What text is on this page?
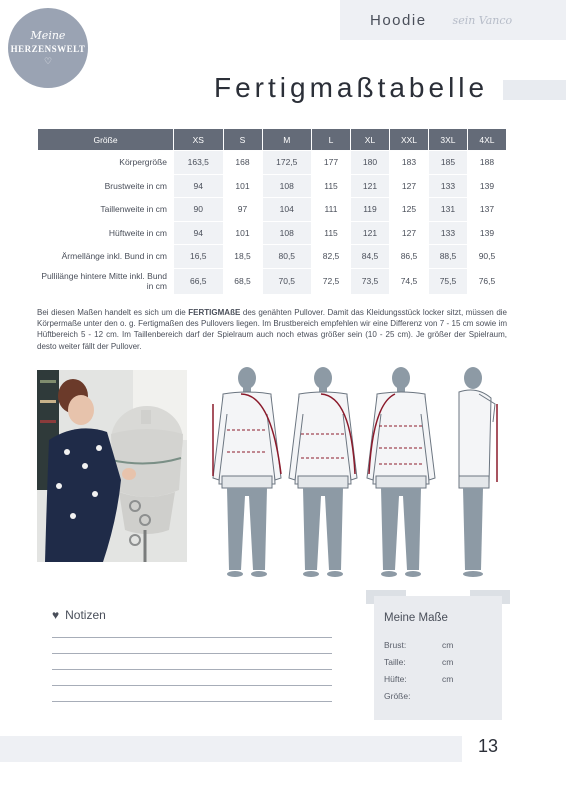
Meine
HERZENSWELT
♡
Hoodie sein Vanco
Fertigmaßtabelle
Größe	XS	S	M	L	XL	XXL	3XL	4XL
Körpergröße	163,5	168	172,5	177	180	183	185	188
Brustweite in cm	94	101	108	115	121	127	133	139
Taillenweite in cm	90	97	104	111	119	125	131	137
Hüftweite in cm	94	101	108	115	121	127	133	139
Ärmellänge inkl. Bund in cm	16,5	18,5	80,5	82,5	84,5	86,5	88,5	90,5
Pullilänge hintere Mitte inkl. Bund in cm	66,5	68,5	70,5	72,5	73,5	74,5	75,5	76,5

Bei diesen Maßen handelt es sich um die FERTIGMAßE des genähten Pullover. Damit das Kleidungsstück locker sitzt, müssen die Körpermaße unter den o. g. Fertigmaßen des Pullovers liegen. Im Brustbereich empfehlen wir eine Differenz von 7 - 15 cm sowie im Hüftbereich 5 - 12 cm. Im Taillenbereich darf der Spielraum auch noch etwas größer sein (10 - 25 cm). Je größer der Spielraum, desto weiter fällt der Pullover.

♥ Notizen	Meine Maße
Brust:	cm
Taille:	cm
Hüfte:	cm
Größe:
13
